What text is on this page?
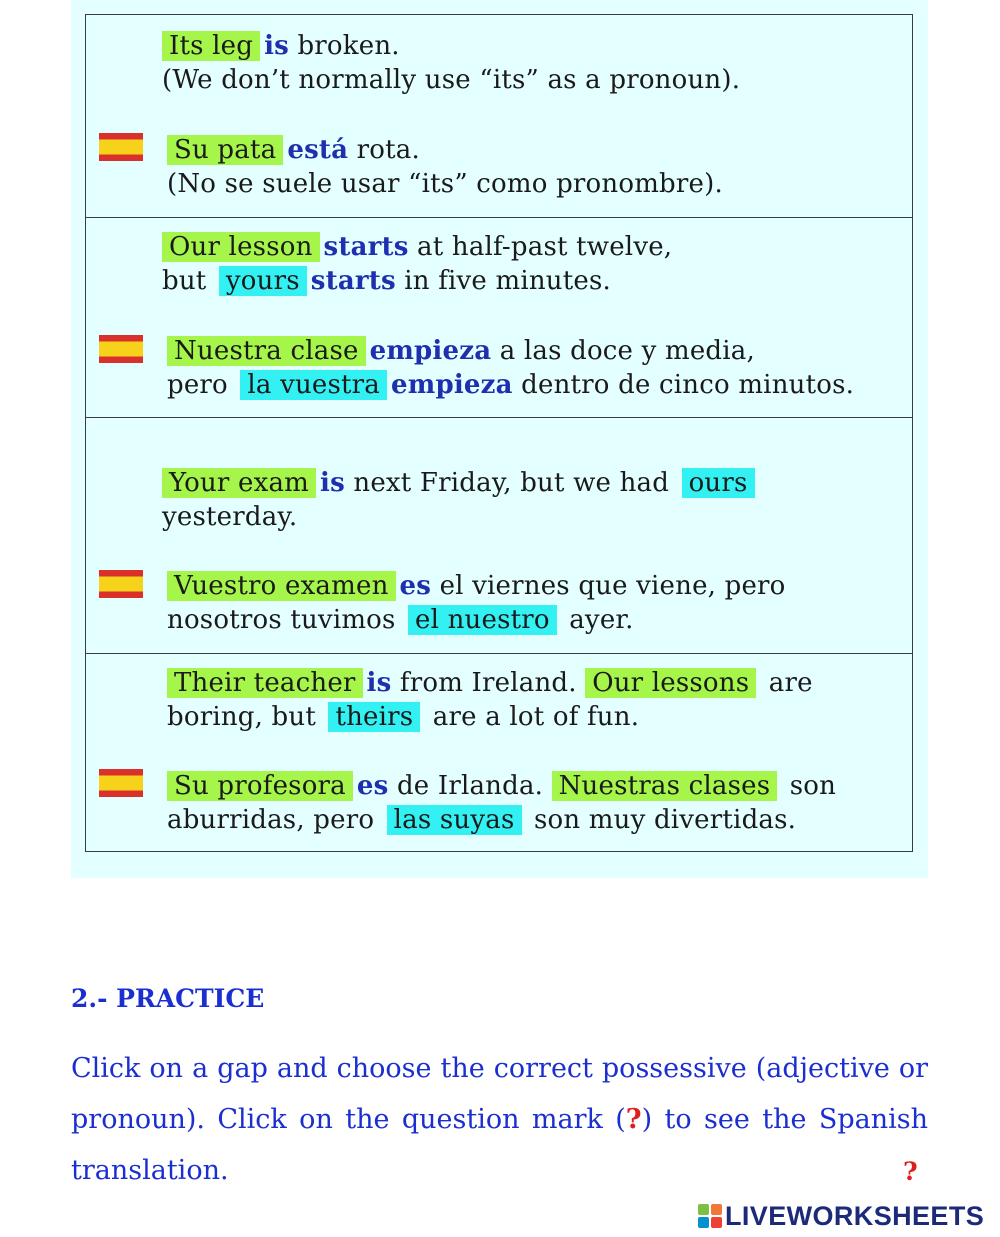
Its leg is broken.
(We don’t normally use “its” as a pronoun).
Su pata está rota.
(No se suele usar “its” como pronombre).
Our lesson starts at half-past twelve,
but yours starts in five minutes.
Nuestra clase empieza a las doce y media,
pero la vuestra empieza dentro de cinco minutos.
Your exam is next Friday, but we had ours
yesterday.
Vuestro examen es el viernes que viene, pero
nosotros tuvimos el nuestro ayer.
Their teacher is from Ireland. Our lessons are
boring, but theirs are a lot of fun.
Su profesora es de Irlanda. Nuestras clases son
aburridas, pero las suyas son muy divertidas.
2.- PRACTICE
Click on a gap and choose the correct possessive (adjective or
pronoun). Click on the question mark (?) to see the Spanish
translation.	?
LIVEWORKSHEETS
